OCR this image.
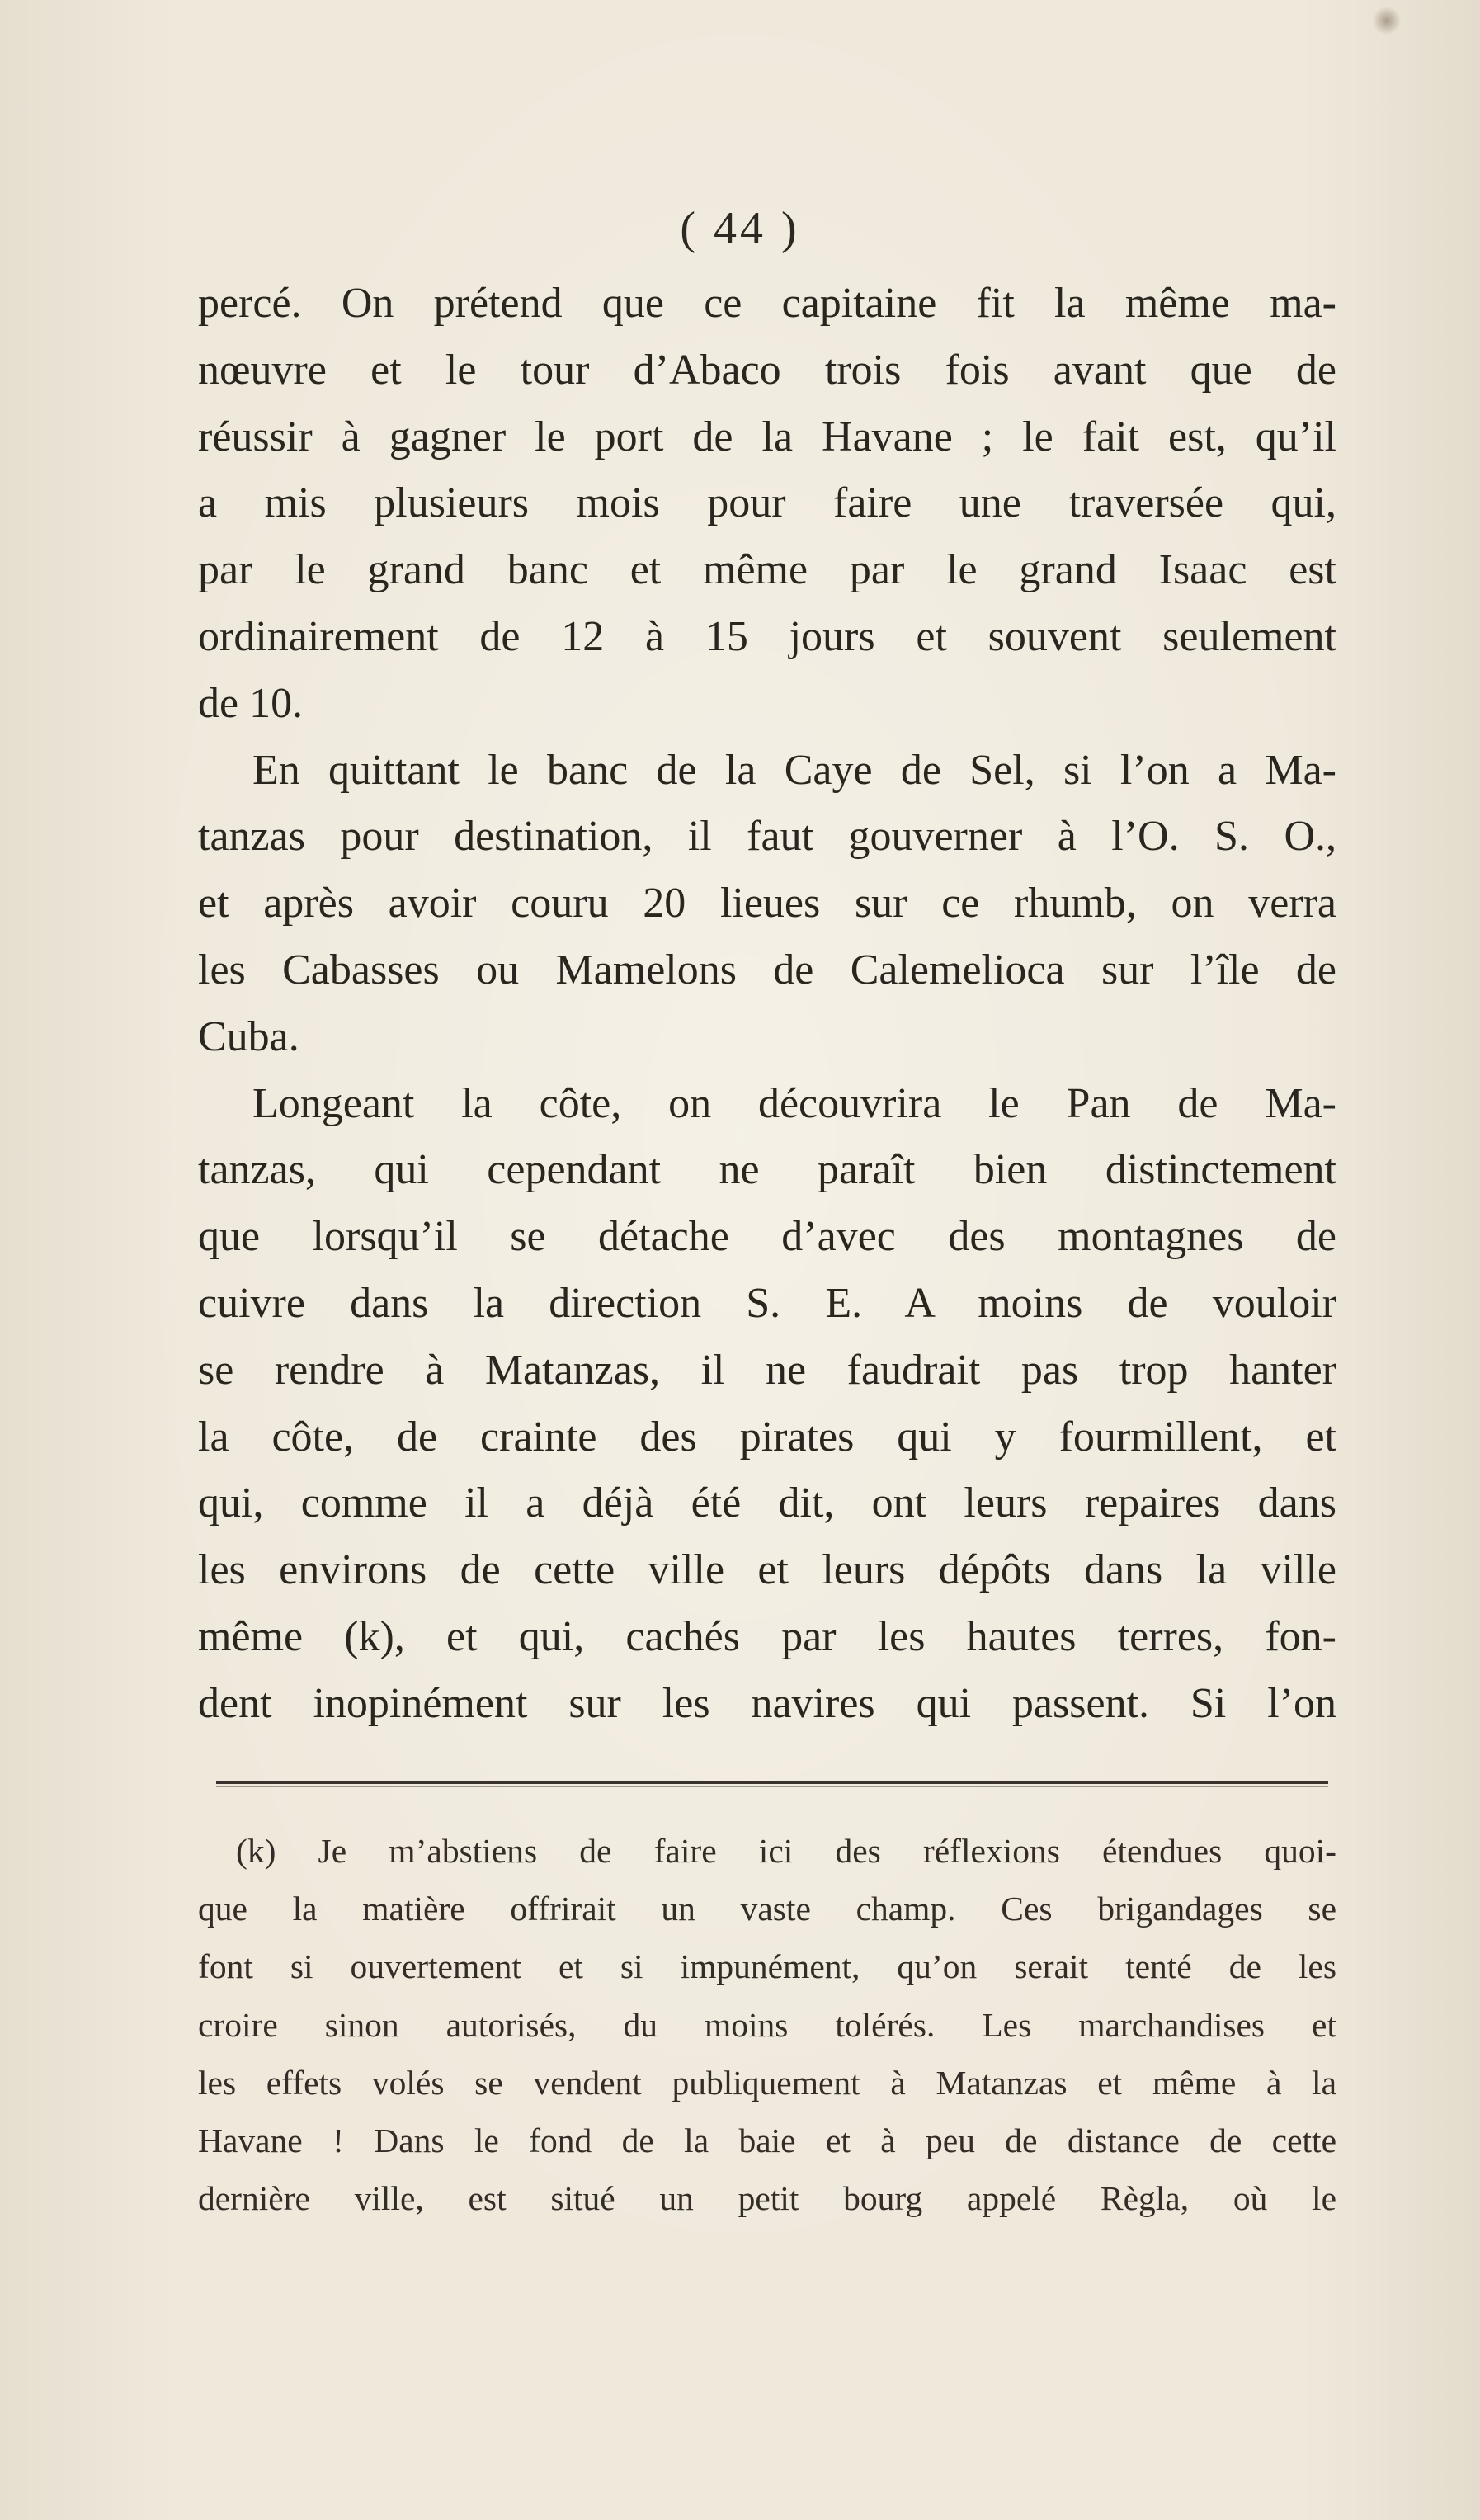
( 44 )
percé. On prétend que ce capitaine fit la même ma-
nœuvre et le tour d’Abaco trois fois avant que de
réussir à gagner le port de la Havane ; le fait est, qu’il
a mis plusieurs mois pour faire une traversée qui,
par le grand banc et même par le grand Isaac est
ordinairement de 12 à 15 jours et souvent seulement
de 10.
En quittant le banc de la Caye de Sel, si l’on a Ma-
tanzas pour destination, il faut gouverner à l’O. S. O.,
et après avoir couru 20 lieues sur ce rhumb, on verra
les Cabasses ou Mamelons de Calemelioca sur l’île de
Cuba.
Longeant la côte, on découvrira le Pan de Ma-
tanzas, qui cependant ne paraît bien distinctement
que lorsqu’il se détache d’avec des montagnes de
cuivre dans la direction S. E. A moins de vouloir
se rendre à Matanzas, il ne faudrait pas trop hanter
la côte, de crainte des pirates qui y fourmillent, et
qui, comme il a déjà été dit, ont leurs repaires dans
les environs de cette ville et leurs dépôts dans la ville
même (k), et qui, cachés par les hautes terres, fon-
dent inopinément sur les navires qui passent. Si l’on
(k) Je m’abstiens de faire ici des réflexions étendues quoi-
que la matière offrirait un vaste champ. Ces brigandages se
font si ouvertement et si impunément, qu’on serait tenté de les
croire sinon autorisés, du moins tolérés. Les marchandises et
les effets volés se vendent publiquement à Matanzas et même à la
Havane ! Dans le fond de la baie et à peu de distance de cette
dernière ville, est situé un petit bourg appelé Règla, où le
